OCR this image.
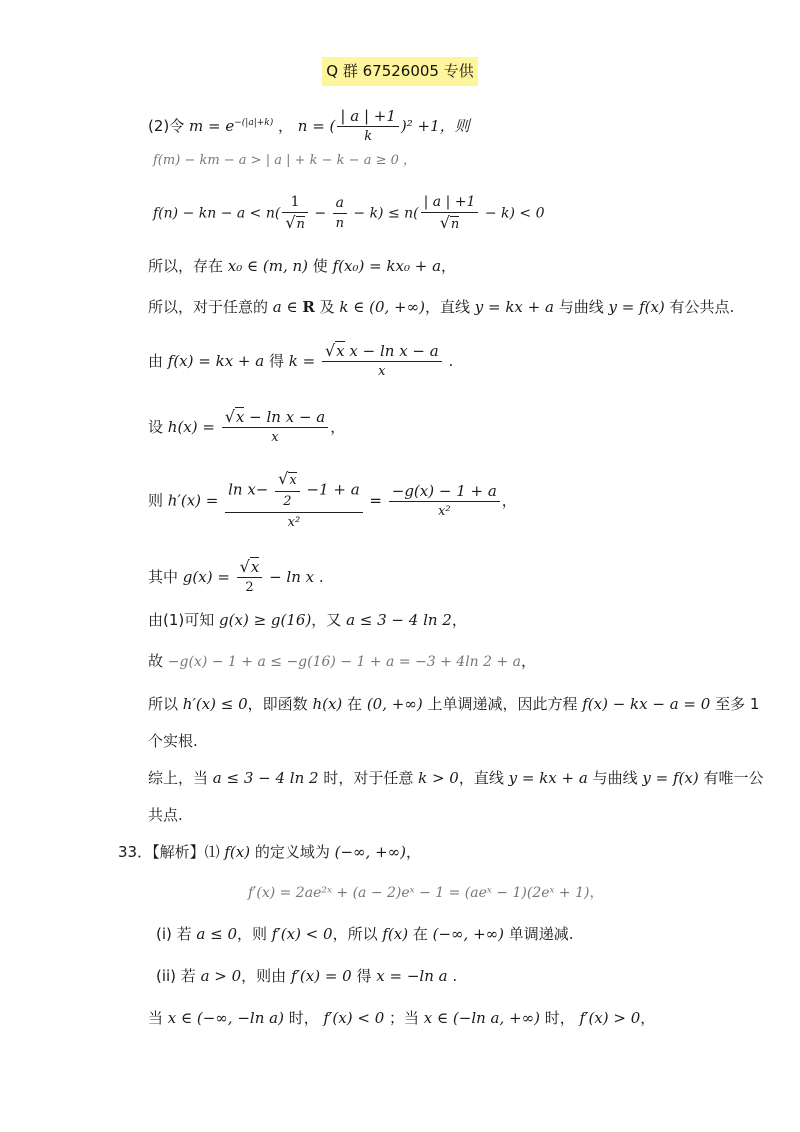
Q 群 67526005 专供
(2)令 $m = e^{-(|a|+k)}$ ， n = ( $\frac{| a | +1}{k} )^2 +1$，则
f(m) − km − a > | a | + k − k − a ≥ 0 ，
f(n) − kn − $a < n( \frac{1}{√n} - \frac{a}{n} - k) \le n( \frac{| a | +1}{√n} - k) < 0$
所以，存在 x₀ ∈ (m, n) 使 f(x₀) = kx₀ + a，
所以，对于任意的 a ∈ R 及 k ∈ (0, +∞)，直线 y = kx + a 与曲线 y = f(x) 有公共点.
由 f(x) = kx + a 得 $k = \frac{\text{√x x − ln x − a}}{x}$ .
设 $h(x) = \frac{\text{√x − ln x − a}}{x}$ ，
则 $h'(x) = \frac{\ln x- \frac{√x}{2} -1 + a}{\text{x²}} = \frac{-g(x) - 1 + a}{\text{x²}}$ ，
其中 $g(x) = \frac{√x}{2} - \ln x$ .
由(1)可知 g(x) ≥ g(16)，又 a ≤ 3 − 4 ln 2，
故 −g(x) − 1 + a ≤ −g(16) − 1 + a = −3 + 4ln 2 + a，
所以 h′(x) ≤ 0，即函数 h(x) 在 (0, +∞) 上单调递减，因此方程 f(x) − kx − a = 0 至多 1
个实根.
综上，当 a ≤ 3 − 4 ln 2 时，对于任意 k > 0，直线 y = kx + a 与曲线 y = f(x) 有唯一公
共点.
33．【解析】⑴ f(x) 的定义域为 (−∞, +∞)，
f′(x) = 2ae²ˣ + (a − 2)eˣ − 1 = (aeˣ − 1)(2eˣ + 1)，
(i) 若 a ≤ 0，则 f′(x) < 0，所以 f(x) 在 (−∞, +∞) 单调递减.
(ii) 若 a > 0，则由 f′(x) = 0 得 x = −ln a .
当 x ∈ (−∞, −ln a) 时， f′(x) < 0 ；当 x ∈ (−ln a, +∞) 时， f′(x) > 0，
